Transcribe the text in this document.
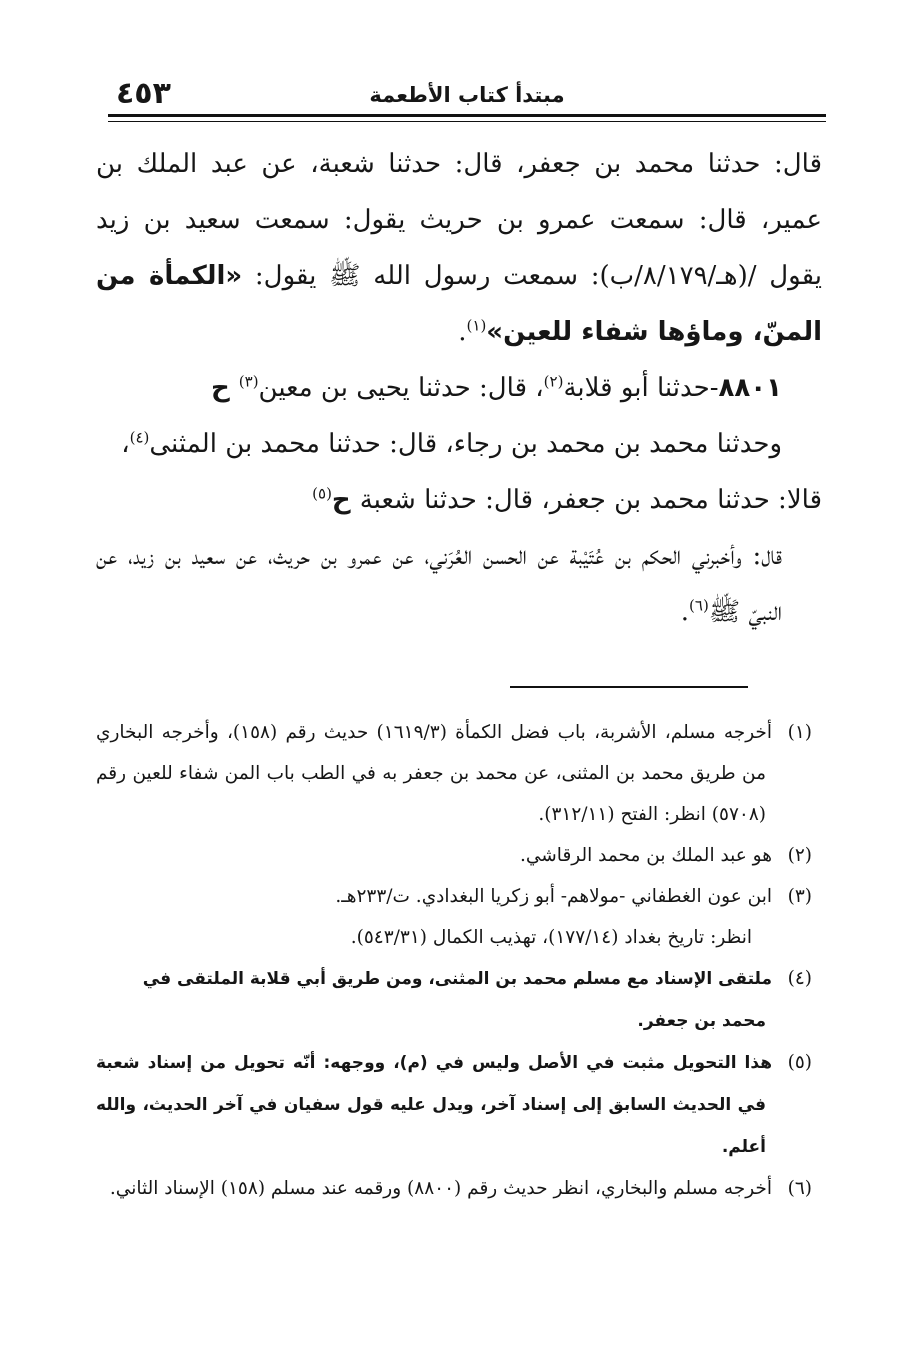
٤٥٣	مبتدأ كتاب الأطعمة

قال: حدثنا محمد بن جعفر، قال: حدثنا شعبة، عن عبد الملك بن عمير، قال: سمعت عمرو بن حريث يقول: سمعت سعيد بن زيد يقول /(هـ/٨/١٧٩/ب): سمعت رسول الله ﷺ يقول: «الكمأة من المنّ، وماؤها شفاء للعين»$^{(١)}$.

٨٨٠١-حدثنا أبو قلابة$^{(٢)}$، قال: حدثنا يحيى بن معين$^{(٣)}$ ح

وحدثنا محمد بن محمد بن رجاء، قال: حدثنا محمد بن المثنى$^{(٤)}$،

قالا: حدثنا محمد بن جعفر، قال: حدثنا شعبة ح$^{(٥)}$

قال: وأخبرني الحكم بن عُتَيْبة عن الحسن العُرَني، عن عمرو بن حريث، عن سعيد بن زيد، عن النبيّ ﷺ$^{(٦)}$.

(١)أخرجه مسلم، الأشربة، باب فضل الكمأة (١٦١٩/٣) حديث رقم (١٥٨)، وأخرجه البخاري من طريق محمد بن المثنى، عن محمد بن جعفر به في الطب باب المن شفاء للعين رقم (٥٧٠٨) انظر: الفتح (٣١٢/١١).

(٢)هو عبد الملك بن محمد الرقاشي.

(٣)ابن عون الغطفاني -مولاهم- أبو زكريا البغدادي. ت/٢٣٣هـ.

انظر: تاريخ بغداد (١٧٧/١٤)، تهذيب الكمال (٥٤٣/٣١).

(٤)ملتقى الإسناد مع مسلم محمد بن المثنى، ومن طريق أبي قلابة الملتقى في محمد بن جعفر.

(٥)هذا التحويل مثبت في الأصل وليس في (م)، ووجهه: أنّه تحويل من إسناد شعبة في الحديث السابق إلى إسناد آخر، ويدل عليه قول سفيان في آخر الحديث، والله أعلم.

(٦)أخرجه مسلم والبخاري، انظر حديث رقم (٨٨٠٠) ورقمه عند مسلم (١٥٨) الإسناد الثاني.
